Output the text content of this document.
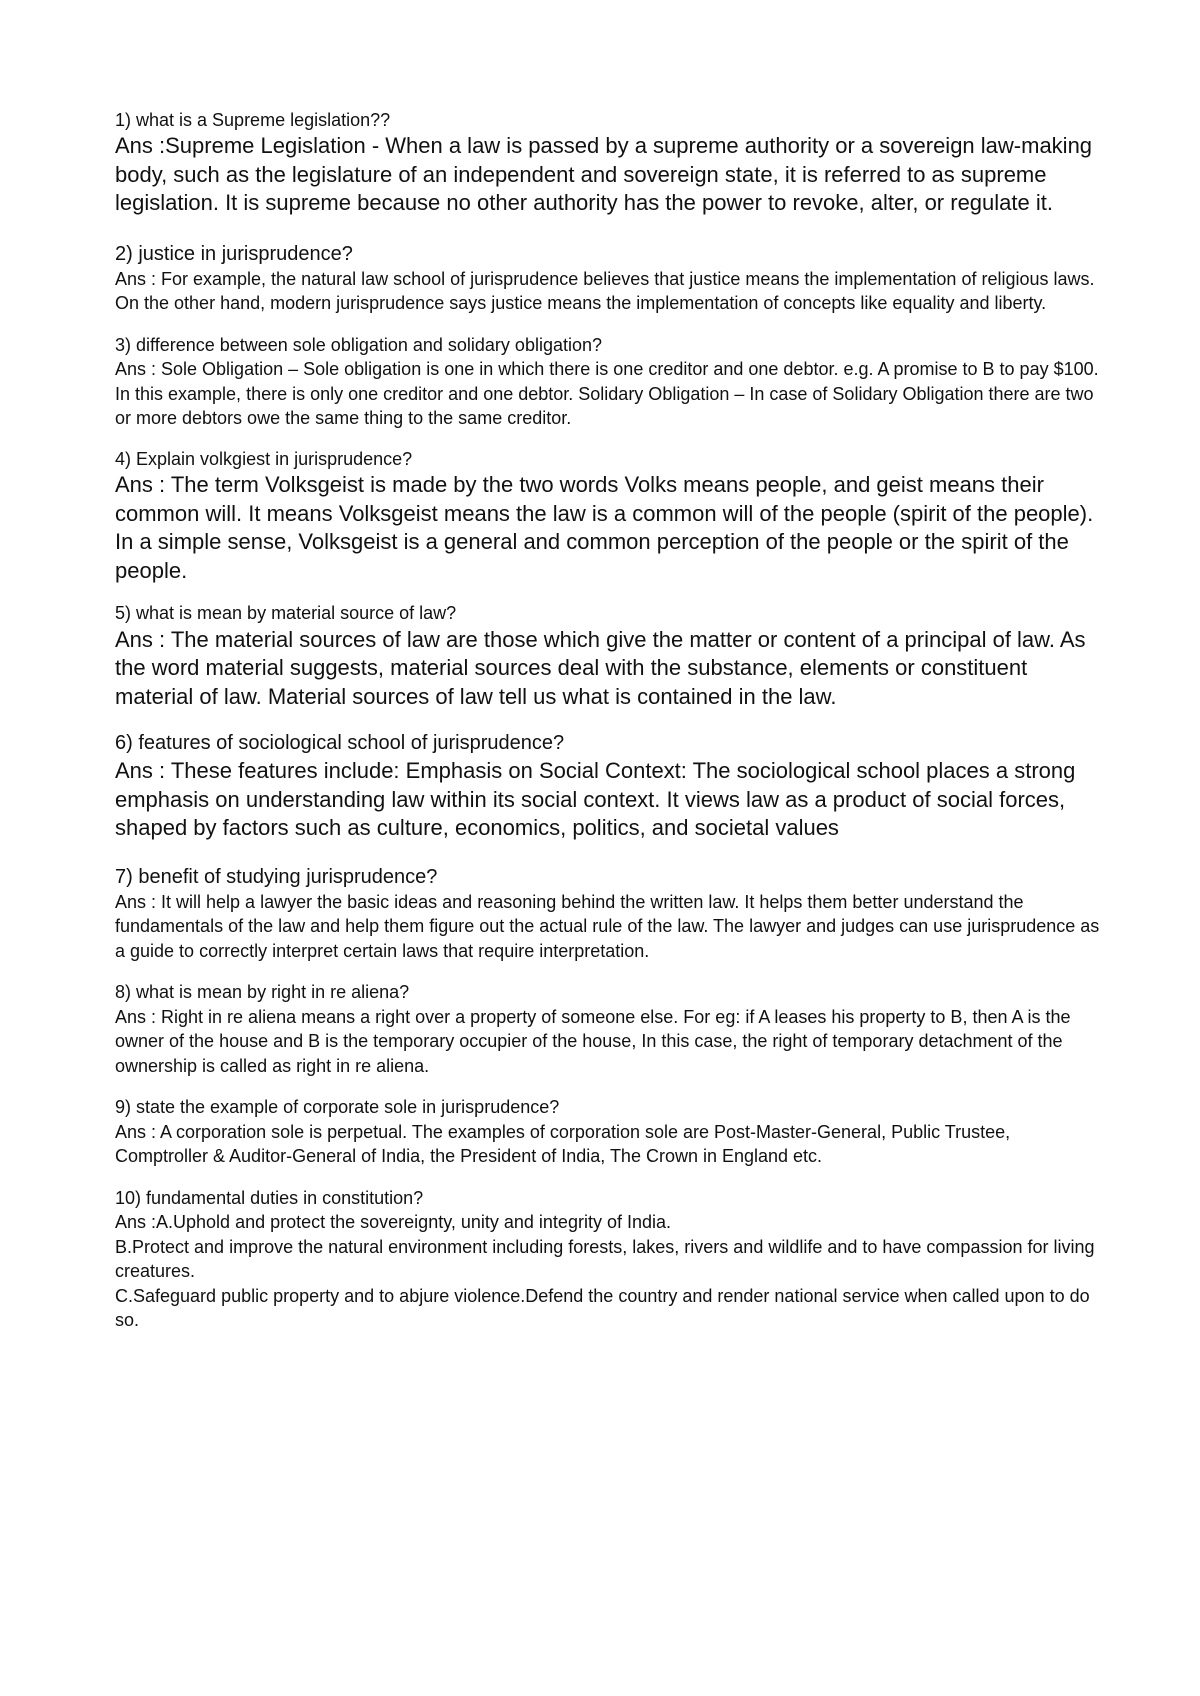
1) what is a Supreme legislation??

Ans :Supreme Legislation - When a law is passed by a supreme authority or a sovereign law-making body, such as the legislature of an independent and sovereign state, it is referred to as supreme legislation. It is supreme because no other authority has the power to revoke, alter, or regulate it.

2) justice in jurisprudence?

Ans : For example, the natural law school of jurisprudence believes that justice means the implementation of religious laws. On the other hand, modern jurisprudence says justice means the implementation of concepts like equality and liberty.

3) difference between sole obligation and solidary obligation?

Ans : Sole Obligation – Sole obligation is one in which there is one creditor and one debtor. e.g. A promise to B to pay $100. In this example, there is only one creditor and one debtor. Solidary Obligation – In case of Solidary Obligation there are two or more debtors owe the same thing to the same creditor.

4) Explain volkgiest in jurisprudence?

Ans : The term Volksgeist is made by the two words Volks means people, and geist means their common will. It means Volksgeist means the law is a common will of the people (spirit of the people). In a simple sense, Volksgeist is a general and common perception of the people or the spirit of the people.

5) what is mean by material source of law?

Ans : The material sources of law are those which give the matter or content of a principal of law. As the word material suggests, material sources deal with the substance, elements or constituent material of law. Material sources of law tell us what is contained in the law.

6) features of sociological school of jurisprudence?

Ans : These features include: Emphasis on Social Context: The sociological school places a strong emphasis on understanding law within its social context. It views law as a product of social forces, shaped by factors such as culture, economics, politics, and societal values

7) benefit of studying jurisprudence?

Ans : It will help a lawyer the basic ideas and reasoning behind the written law. It helps them better understand the fundamentals of the law and help them figure out the actual rule of the law. The lawyer and judges can use jurisprudence as a guide to correctly interpret certain laws that require interpretation.

8) what is mean by right in re aliena?

Ans : Right in re aliena means a right over a property of someone else. For eg: if A leases his property to B, then A is the owner of the house and B is the temporary occupier of the house, In this case, the right of temporary detachment of the ownership is called as right in re aliena.

9) state the example of corporate sole in jurisprudence?

Ans : A corporation sole is perpetual. The examples of corporation sole are Post-Master-General, Public Trustee, Comptroller & Auditor-General of India, the President of India, The Crown in England etc.

10) fundamental duties in constitution?

Ans :A.Uphold and protect the sovereignty, unity and integrity of India.

B.Protect and improve the natural environment including forests, lakes, rivers and wildlife and to have compassion for living creatures.

C.Safeguard public property and to abjure violence.Defend the country and render national service when called upon to do so.
